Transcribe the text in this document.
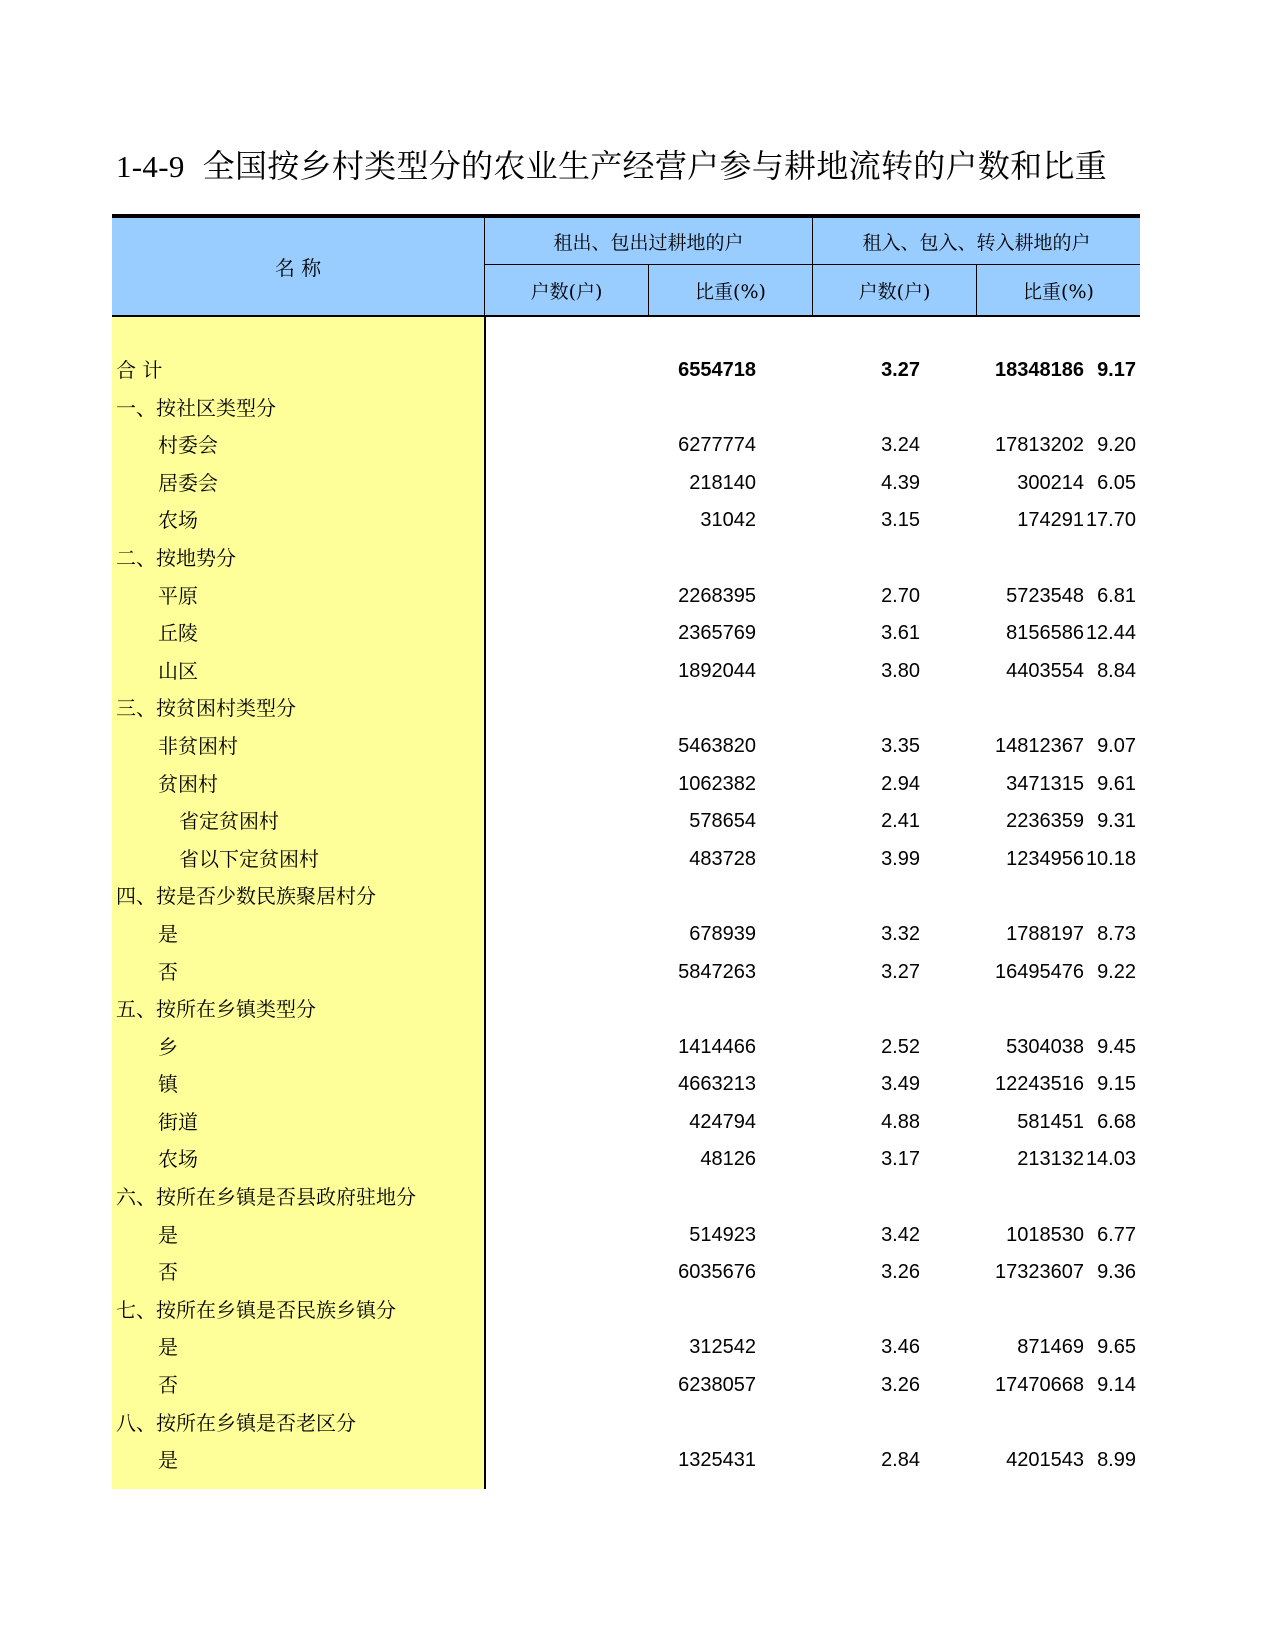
1-4-9 全国按乡村类型分的农业生产经营户参与耕地流转的户数和比重
名 称
租出、包出过耕地的户	租入、包入、转入耕地的户
户数(户)	比重(%)	户数(户)	比重(%)
合 计	6554718	3.27	18348186 9.17
一、按社区类型分
村委会	6277774	3.24	17813202 9.20
居委会	218140	4.39	300214 6.05
农场	31042	3.15	174291 17.70
二、按地势分
平原	2268395	2.70	5723548 6.81
丘陵	2365769	3.61	8156586 12.44
山区	1892044	3.80	4403554 8.84
三、按贫困村类型分
非贫困村	5463820	3.35	14812367 9.07
贫困村	1062382	2.94	3471315 9.61
省定贫困村	578654	2.41	2236359 9.31
省以下定贫困村	483728	3.99	1234956 10.18
四、按是否少数民族聚居村分
是	678939	3.32	1788197 8.73
否	5847263	3.27	16495476 9.22
五、按所在乡镇类型分
乡	1414466	2.52	5304038 9.45
镇	4663213	3.49	12243516 9.15
街道	424794	4.88	581451 6.68
农场	48126	3.17	213132 14.03
六、按所在乡镇是否县政府驻地分
是	514923	3.42	1018530 6.77
否	6035676	3.26	17323607 9.36
七、按所在乡镇是否民族乡镇分
是	312542	3.46	871469 9.65
否	6238057	3.26	17470668 9.14
八、按所在乡镇是否老区分
是	1325431	2.84	4201543 8.99
